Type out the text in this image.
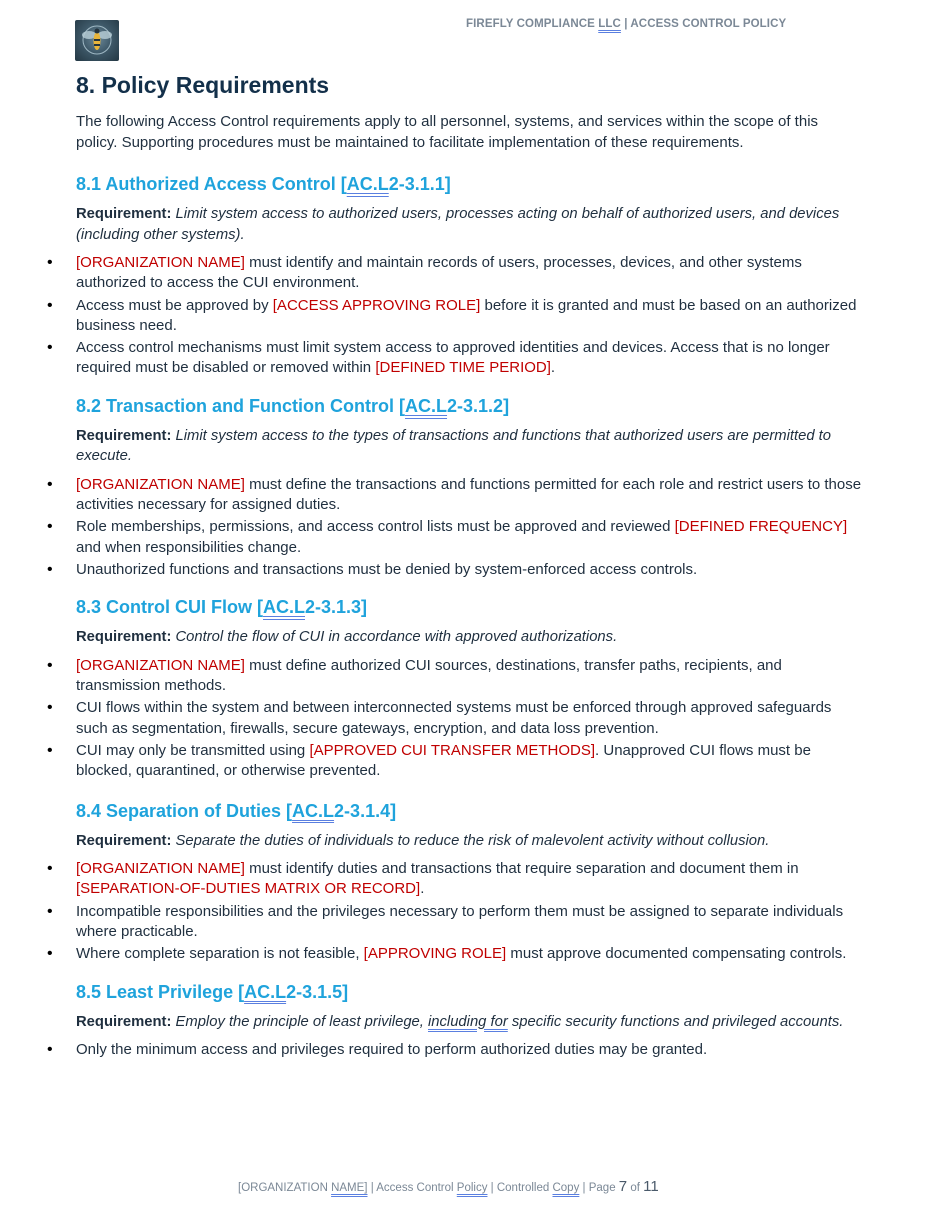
FIREFLY COMPLIANCE LLC | ACCESS CONTROL POLICY
8. Policy Requirements

The following Access Control requirements apply to all personnel, systems, and services within the scope of this policy. Supporting procedures must be maintained to facilitate implementation of these requirements.

8.1 Authorized Access Control [AC.L2-3.1.1]

Requirement: Limit system access to authorized users, processes acting on behalf of authorized users, and devices (including other systems).

• [ORGANIZATION NAME] must identify and maintain records of users, processes, devices, and other systems authorized to access the CUI environment.
• Access must be approved by [ACCESS APPROVING ROLE] before it is granted and must be based on an authorized business need.
• Access control mechanisms must limit system access to approved identities and devices. Access that is no longer required must be disabled or removed within [DEFINED TIME PERIOD].
8.2 Transaction and Function Control [AC.L2-3.1.2]

Requirement: Limit system access to the types of transactions and functions that authorized users are permitted to execute.

• [ORGANIZATION NAME] must define the transactions and functions permitted for each role and restrict users to those activities necessary for assigned duties.
• Role memberships, permissions, and access control lists must be approved and reviewed [DEFINED FREQUENCY] and when responsibilities change.
• Unauthorized functions and transactions must be denied by system-enforced access controls.
8.3 Control CUI Flow [AC.L2-3.1.3]

Requirement: Control the flow of CUI in accordance with approved authorizations.

• [ORGANIZATION NAME] must define authorized CUI sources, destinations, transfer paths, recipients, and transmission methods.
• CUI flows within the system and between interconnected systems must be enforced through approved safeguards such as segmentation, firewalls, secure gateways, encryption, and data loss prevention.
• CUI may only be transmitted using [APPROVED CUI TRANSFER METHODS]. Unapproved CUI flows must be blocked, quarantined, or otherwise prevented.
8.4 Separation of Duties [AC.L2-3.1.4]

Requirement: Separate the duties of individuals to reduce the risk of malevolent activity without collusion.

• [ORGANIZATION NAME] must identify duties and transactions that require separation and document them in [SEPARATION-OF-DUTIES MATRIX OR RECORD].
• Incompatible responsibilities and the privileges necessary to perform them must be assigned to separate individuals where practicable.
• Where complete separation is not feasible, [APPROVING ROLE] must approve documented compensating controls.
8.5 Least Privilege [AC.L2-3.1.5]

Requirement: Employ the principle of least privilege, including for specific security functions and privileged accounts.

• Only the minimum access and privileges required to perform authorized duties may be granted.
[ORGANIZATION NAME] | Access Control Policy | Controlled Copy | Page 7 of 11
